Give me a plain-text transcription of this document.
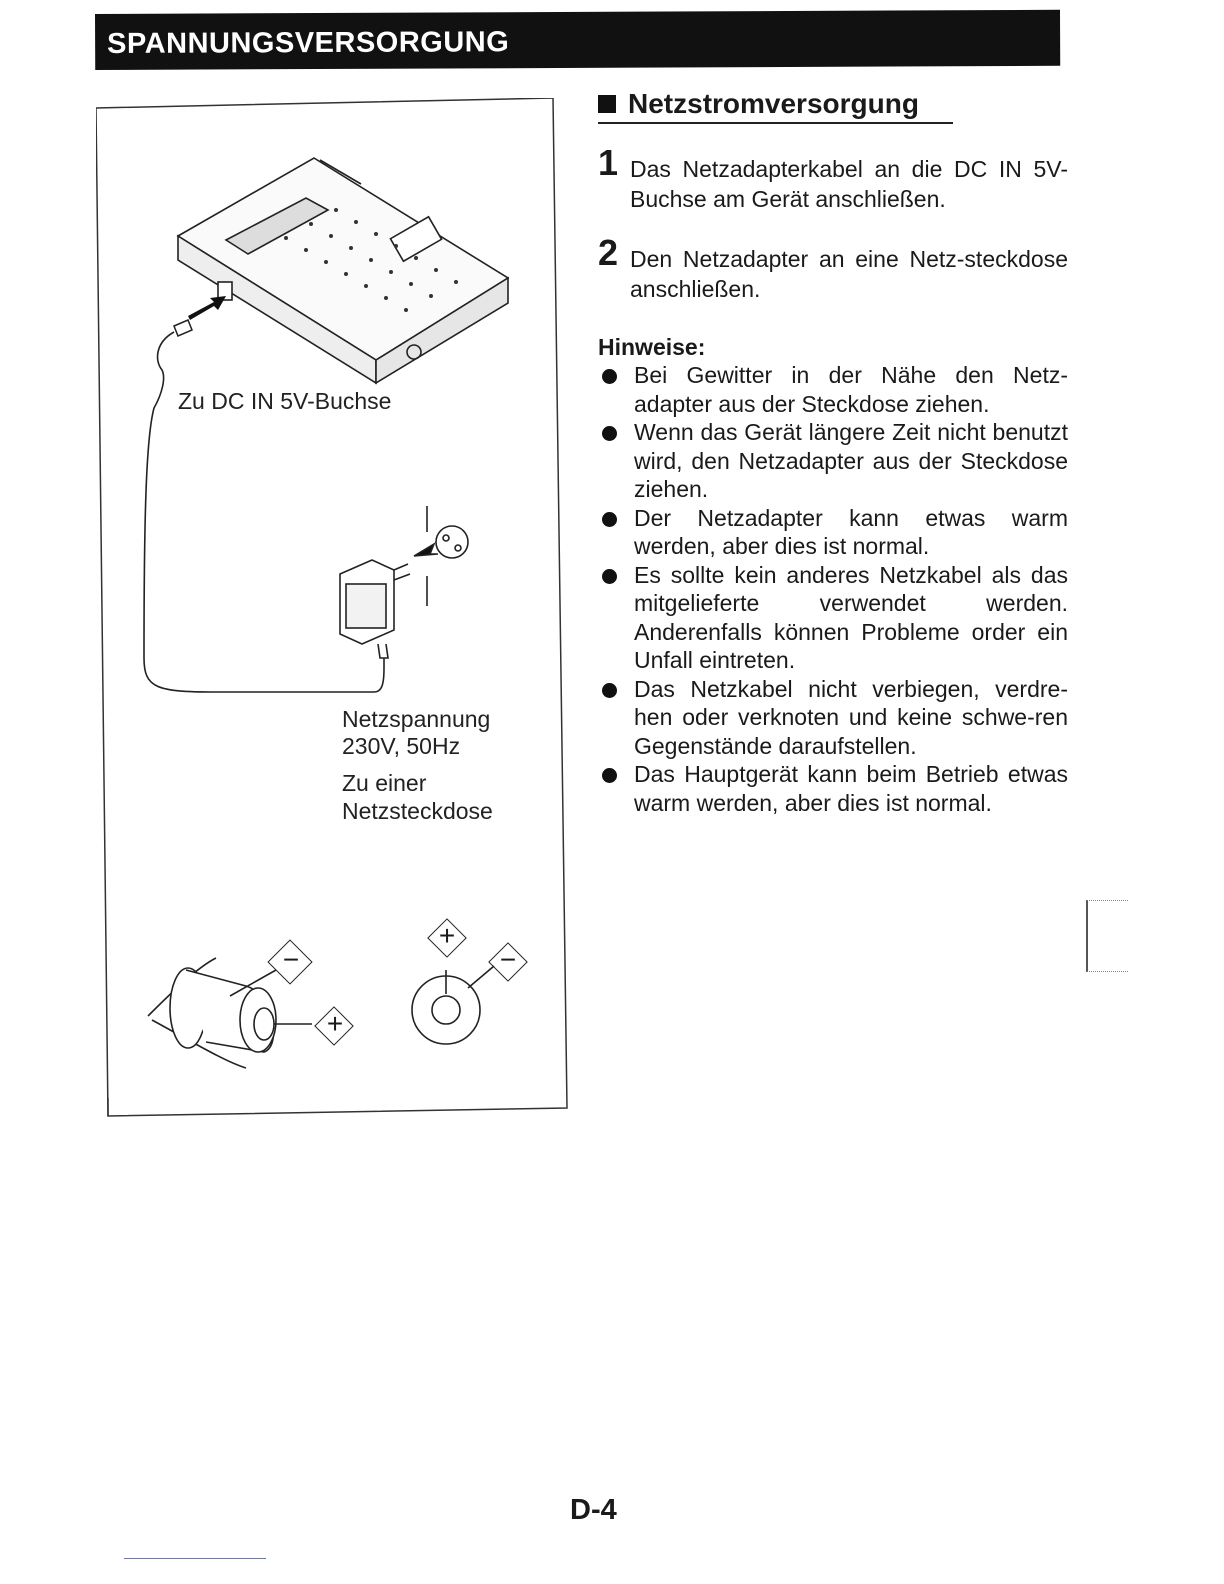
SPANNUNGSVERSORGUNG
−
+
+
−
Zu DC IN 5V-Buchse
Netzspannung
230V, 50Hz
Zu einer
Netzsteckdose
Netzstromversorgung
1 Das Netzadapterkabel an die DC IN 5V-Buchse am Gerät anschließen.
2 Den Netzadapter an eine Netz-steckdose anschließen.
Hinweise:
Bei Gewitter in der Nähe den Netz-adapter aus der Steckdose ziehen.
Wenn das Gerät längere Zeit nicht benutzt wird, den Netzadapter aus der Steckdose ziehen.
Der Netzadapter kann etwas warm werden, aber dies ist normal.
Es sollte kein anderes Netzkabel als das mitgelieferte verwendet werden. Anderenfalls können Probleme order ein Unfall eintreten.
Das Netzkabel nicht verbiegen, verdre-hen oder verknoten und keine schwe-ren Gegenstände daraufstellen.
Das Hauptgerät kann beim Betrieb etwas warm werden, aber dies ist normal.
D-4
